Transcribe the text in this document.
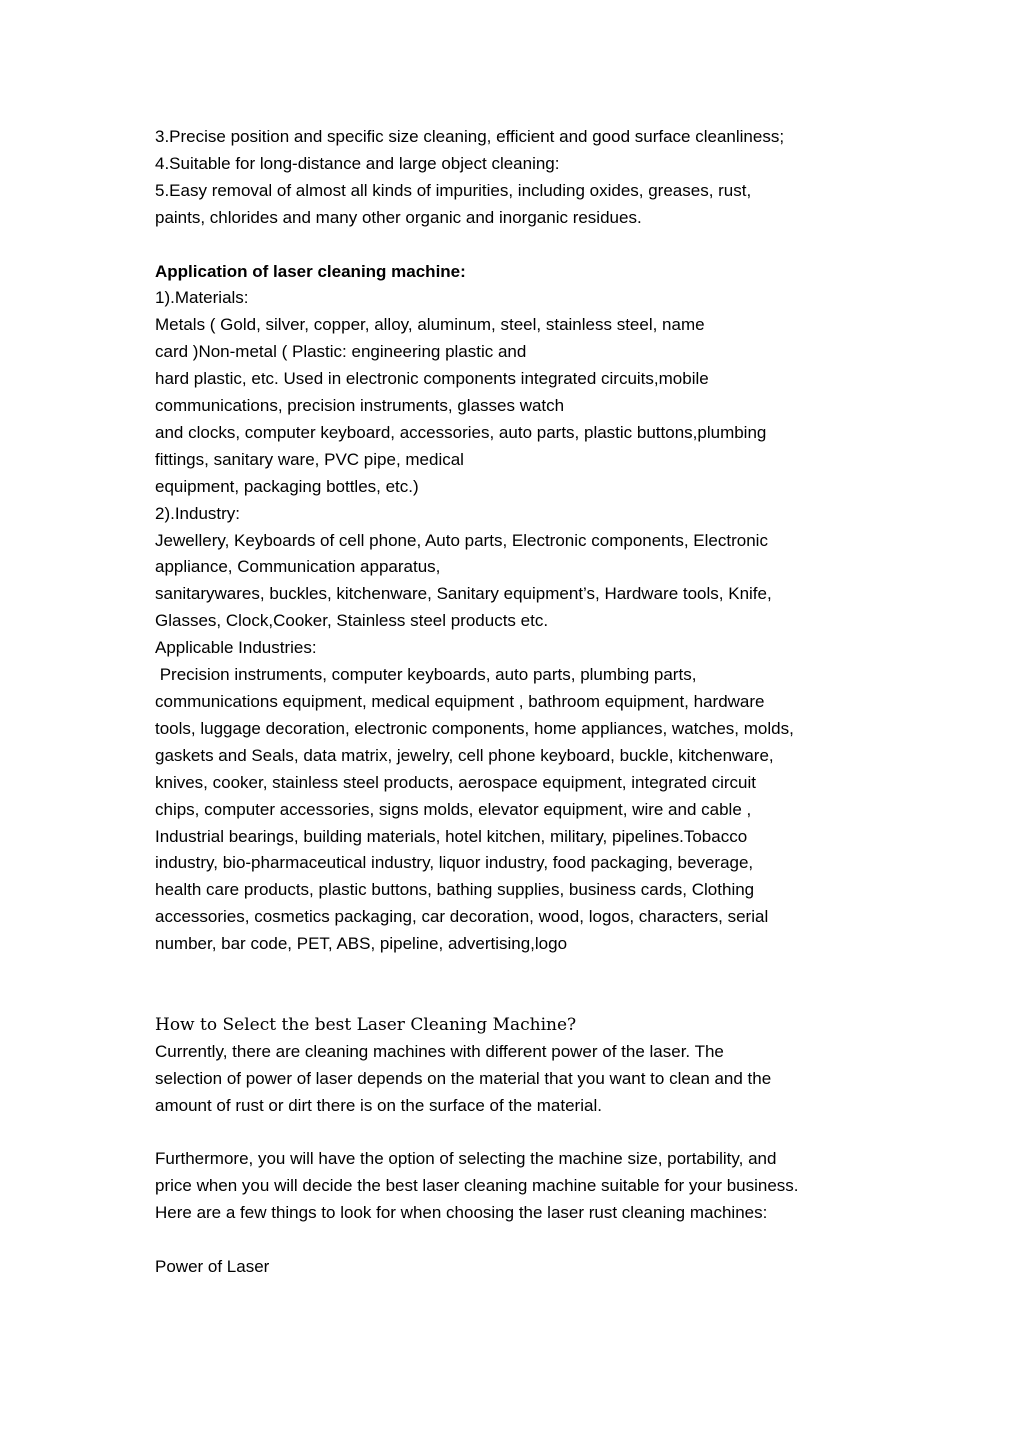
3.Precise position and specific size cleaning, efficient and good surface cleanliness;
4.Suitable for long-distance and large object cleaning:
5.Easy removal of almost all kinds of impurities, including oxides, greases, rust,
paints, chlorides and many other organic and inorganic residues.
Application of laser cleaning machine:
1).Materials:
Metals ( Gold, silver, copper, alloy, aluminum, steel, stainless steel, name
card )Non-metal ( Plastic: engineering plastic and
hard plastic, etc. Used in electronic components integrated circuits,mobile
communications, precision instruments, glasses watch
and clocks, computer keyboard, accessories, auto parts, plastic buttons,plumbing
fittings, sanitary ware, PVC pipe, medical
equipment, packaging bottles, etc.)
2).Industry:
Jewellery, Keyboards of cell phone, Auto parts, Electronic components, Electronic
appliance, Communication apparatus,
sanitarywares, buckles, kitchenware, Sanitary equipment’s, Hardware tools, Knife,
Glasses, Clock,Cooker, Stainless steel products etc.
Applicable Industries:
Precision instruments, computer keyboards, auto parts, plumbing parts,
communications equipment, medical equipment , bathroom equipment, hardware
tools, luggage decoration, electronic components, home appliances, watches, molds,
gaskets and Seals, data matrix, jewelry, cell phone keyboard, buckle, kitchenware,
knives, cooker, stainless steel products, aerospace equipment, integrated circuit
chips, computer accessories, signs molds, elevator equipment, wire and cable ,
Industrial bearings, building materials, hotel kitchen, military, pipelines.Tobacco
industry, bio-pharmaceutical industry, liquor industry, food packaging, beverage,
health care products, plastic buttons, bathing supplies, business cards, Clothing
accessories, cosmetics packaging, car decoration, wood, logos, characters, serial
number, bar code, PET, ABS, pipeline, advertising,logo
How to Select the best Laser Cleaning Machine?
Currently, there are cleaning machines with different power of the laser. The
selection of power of laser depends on the material that you want to clean and the
amount of rust or dirt there is on the surface of the material.
Furthermore, you will have the option of selecting the machine size, portability, and
price when you will decide the best laser cleaning machine suitable for your business.
Here are a few things to look for when choosing the laser rust cleaning machines:
Power of Laser
